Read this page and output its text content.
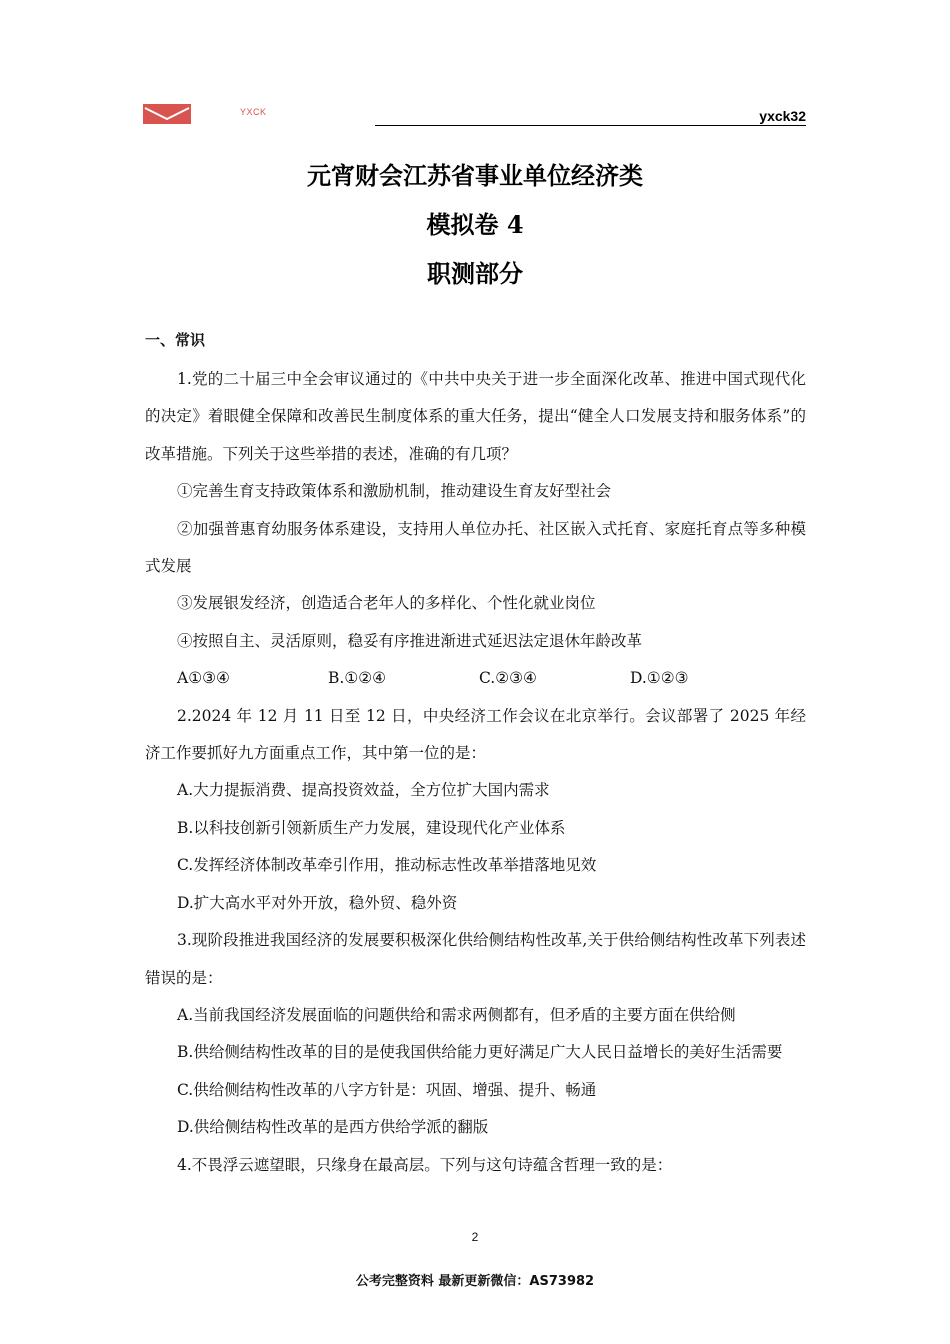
YXCK	yxck32
元宵财会江苏省事业单位经济类
模拟卷 4
职测部分
一、常识

1.党的二十届三中全会审议通过的《中共中央关于进一步全面深化改革、推进中国式现代化的决定》着眼健全保障和改善民生制度体系的重大任务，提出“健全人口发展支持和服务体系”的改革措施。下列关于这些举措的表述，准确的有几项？

①完善生育支持政策体系和激励机制，推动建设生育友好型社会

②加强普惠育幼服务体系建设，支持用人单位办托、社区嵌入式托育、家庭托育点等多种模式发展

③发展银发经济，创造适合老年人的多样化、个性化就业岗位

④按照自主、灵活原则，稳妥有序推进渐进式延迟法定退休年龄改革

A①③④	B.①②④	C.②③④	D.①②③

2.2024 年 12 月 11 日至 12 日，中央经济工作会议在北京举行。会议部署了 2025 年经济工作要抓好九方面重点工作，其中第一位的是：

A.大力提振消费、提高投资效益，全方位扩大国内需求

B.以科技创新引领新质生产力发展，建设现代化产业体系

C.发挥经济体制改革牵引作用，推动标志性改革举措落地见效

D.扩大高水平对外开放，稳外贸、稳外资

3.现阶段推进我国经济的发展要积极深化供给侧结构性改革,关于供给侧结构性改革下列表述错误的是：

A.当前我国经济发展面临的问题供给和需求两侧都有，但矛盾的主要方面在供给侧

B.供给侧结构性改革的目的是使我国供给能力更好满足广大人民日益增长的美好生活需要

C.供给侧结构性改革的八字方针是：巩固、增强、提升、畅通

D.供给侧结构性改革的是西方供给学派的翻版

4.不畏浮云遮望眼，只缘身在最高层。下列与这句诗蕴含哲理一致的是：

2
公考完整资料 最新更新微信：AS73982
